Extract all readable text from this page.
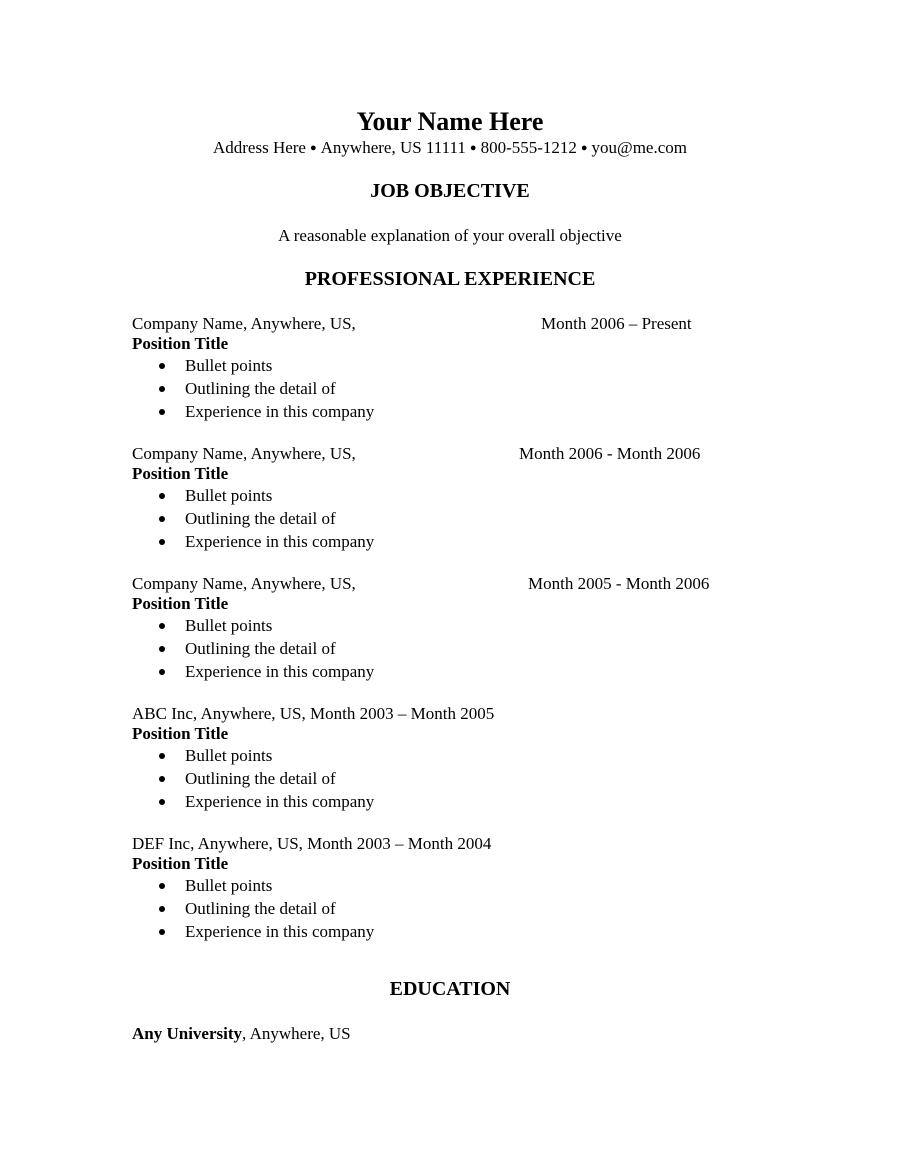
Your Name Here
Address Here ● Anywhere, US 11111 ● 800-555-1212 ● you@me.com
JOB OBJECTIVE
A reasonable explanation of your overall objective
PROFESSIONAL EXPERIENCE
Company Name, Anywhere, US,	Month 2006 – Present
Position Title
Bullet points
Outlining the detail of
Experience in this company
Company Name, Anywhere, US,	Month 2006 - Month 2006
Position Title
Bullet points
Outlining the detail of
Experience in this company
Company Name, Anywhere, US,	Month 2005 - Month 2006
Position Title
Bullet points
Outlining the detail of
Experience in this company
ABC Inc, Anywhere, US, Month 2003 – Month 2005
Position Title
Bullet points
Outlining the detail of
Experience in this company
DEF Inc, Anywhere, US, Month 2003 – Month 2004
Position Title
Bullet points
Outlining the detail of
Experience in this company
EDUCATION
Any University, Anywhere, US
